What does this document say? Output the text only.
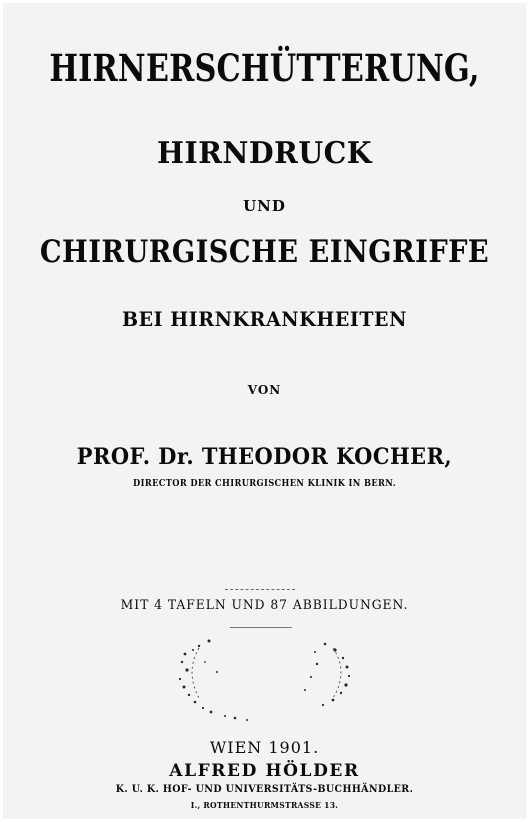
HIRNERSCHÜTTERUNG,
HIRNDRUCK
UND
CHIRURGISCHE EINGRIFFE
BEI HIRNKRANKHEITEN
VON
PROF. Dr. THEODOR KOCHER,
DIRECTOR DER CHIRURGISCHEN KLINIK IN BERN.
MIT 4 TAFELN UND 87 ABBILDUNGEN.
WIEN 1901.
ALFRED HÖLDER
K. U. K. HOF- UND UNIVERSITÄTS-BUCHHÄNDLER.
I., ROTHENTHURMSTRASSE 13.
